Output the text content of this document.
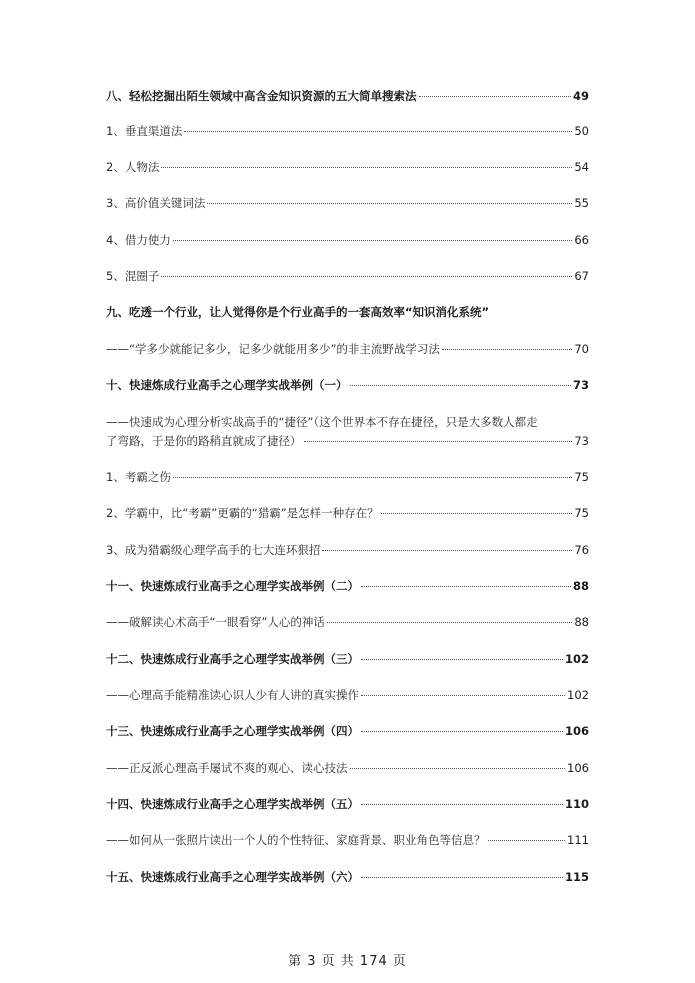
八、轻松挖掘出陌生领域中高含金知识资源的五大简单搜索法	49
1、垂直渠道法	50
2、人物法	54
3、高价值关键词法	55
4、借力使力	66
5、混圈子	67
九、吃透一个行业，让人觉得你是个行业高手的一套高效率“知识消化系统”
——“学多少就能记多少，记多少就能用多少”的非主流野战学习法	70
十、快速炼成行业高手之心理学实战举例（一）	73
——快速成为心理分析实战高手的“捷径”（这个世界本不存在捷径，只是大多数人都走
了弯路，于是你的路稍直就成了捷径）	73
1、考霸之伤	75
2、学霸中，比“考霸”更霸的“猎霸”是怎样一种存在？	75
3、成为猎霸级心理学高手的七大连环狠招	76
十一、快速炼成行业高手之心理学实战举例（二）	88
——破解读心术高手“一眼看穿”人心的神话	88
十二、快速炼成行业高手之心理学实战举例（三）	102
——心理高手能精准读心识人少有人讲的真实操作	102
十三、快速炼成行业高手之心理学实战举例（四）	106
——正反派心理高手屡试不爽的观心、读心技法	106
十四、快速炼成行业高手之心理学实战举例（五）	110
——如何从一张照片读出一个人的个性特征、家庭背景、职业角色等信息？	111
十五、快速炼成行业高手之心理学实战举例（六）	115
第 3 页 共 174 页
